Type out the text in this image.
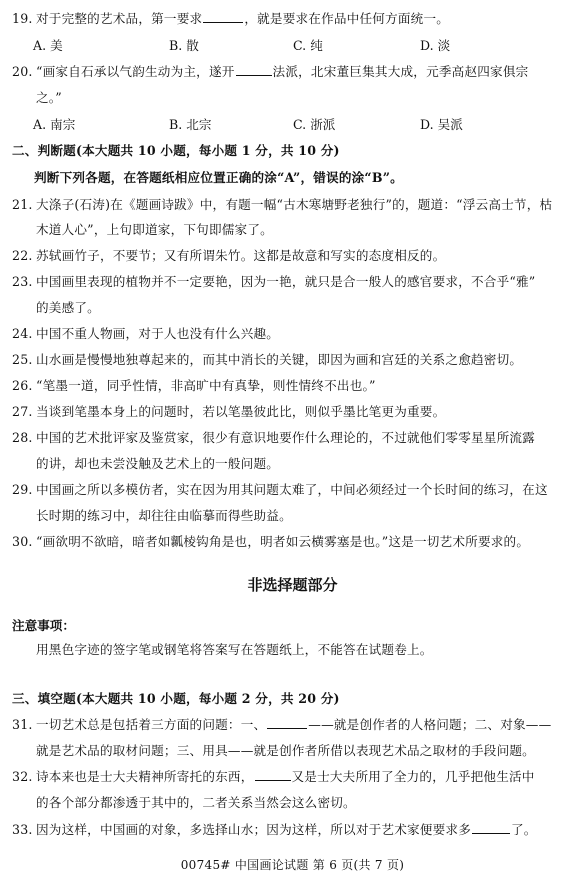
19. 对于完整的艺术品，第一要求	，就是要求在作品中任何方面统一。
A. 美	B. 散	C. 纯	D. 淡
20. “画家自石承以气韵生动为主，遂开	法派，北宋董巨集其大成，元季高赵四家俱宗
之。”
A. 南宗	B. 北宗	C. 浙派	D. 吴派
二、判断题(本大题共 10 小题，每小题 1 分，共 10 分)
判断下列各题，在答题纸相应位置正确的涂“A”，错误的涂“B”。
21. 大涤子(石涛)在《题画诗跋》中，有题一幅“古木寒塘野老独行”的，题道：“浮云高士节，枯
木道人心”，上句即道家，下句即儒家了。
22. 苏轼画竹子，不要节；又有所谓朱竹。这都是故意和写实的态度相反的。
23. 中国画里表现的植物并不一定要艳，因为一艳，就只是合一般人的感官要求，不合乎“雅”
的美感了。
24. 中国不重人物画，对于人也没有什么兴趣。
25. 山水画是慢慢地独尊起来的，而其中消长的关键，即因为画和宫廷的关系之愈趋密切。
26. “笔墨一道，同乎性情，非高旷中有真挚，则性情终不出也。”
27. 当谈到笔墨本身上的问题时，若以笔墨彼此比，则似乎墨比笔更为重要。
28. 中国的艺术批评家及鉴赏家，很少有意识地要作什么理论的，不过就他们零零星星所流露
的讲，却也未尝没触及艺术上的一般问题。
29. 中国画之所以多模仿者，实在因为用其问题太难了，中间必须经过一个长时间的练习，在这
长时期的练习中，却往往由临摹而得些助益。
30. “画欲明不欲暗，暗者如瓤棱钩角是也，明者如云横雾塞是也。”这是一切艺术所要求的。
非选择题部分
注意事项：
用黑色字迹的签字笔或钢笔将答案写在答题纸上，不能答在试题卷上。
三、填空题(本大题共 10 小题，每小题 2 分，共 20 分)
31. 一切艺术总是包括着三方面的问题：一、	——就是创作者的人格问题；二、对象——
就是艺术品的取材问题；三、用具——就是创作者所借以表现艺术品之取材的手段问题。
32. 诗本来也是士大夫精神所寄托的东西，	又是士大夫所用了全力的，几乎把他生活中
的各个部分都渗透于其中的，二者关系当然会这么密切。
33. 因为这样，中国画的对象，多选择山水；因为这样，所以对于艺术家便要求多	了。
00745# 中国画论试题 第 6 页(共 7 页)
